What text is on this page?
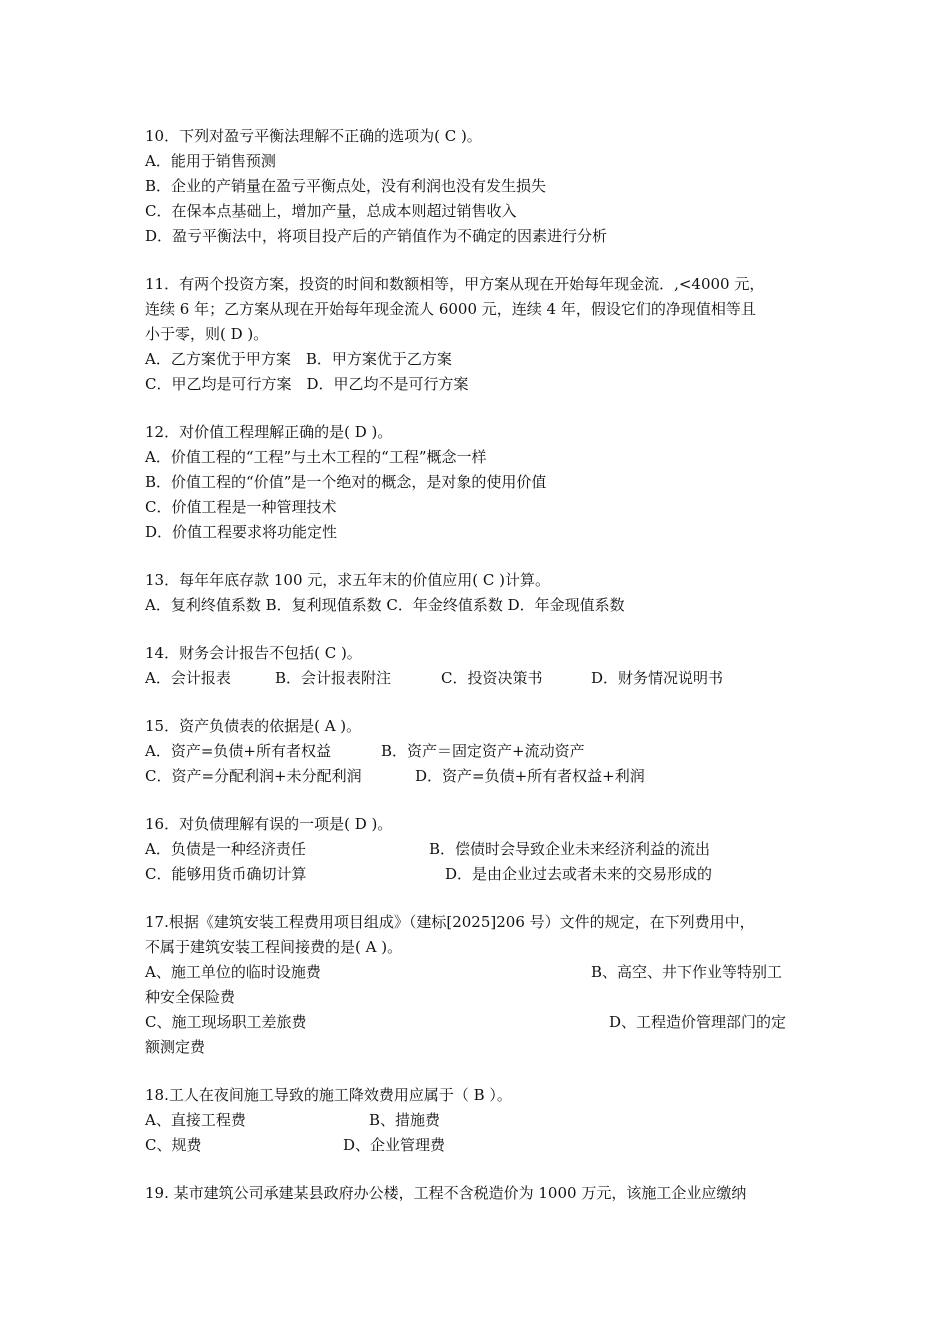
10．下列对盈亏平衡法理解不正确的选项为( C )。
A．能用于销售预测
B．企业的产销量在盈亏平衡点处，没有利润也没有发生损失
C．在保本点基础上，增加产量，总成本则超过销售收入
D．盈亏平衡法中，将项目投产后的产销值作为不确定的因素进行分析
11．有两个投资方案，投资的时间和数额相等，甲方案从现在开始每年现金流．,<4000 元，
连续 6 年；乙方案从现在开始每年现金流人 6000 元，连续 4 年，假设它们的净现值相等且
小于零，则( D )。
A．乙方案优于甲方案　B．甲方案优于乙方案
C．甲乙均是可行方案　D．甲乙均不是可行方案
12．对价值工程理解正确的是( D )。
A．价值工程的“工程”与土木工程的“工程”概念一样
B．价值工程的“价值”是一个绝对的概念，是对象的使用价值
C．价值工程是一种管理技术
D．价值工程要求将功能定性
13．每年年底存款 100 元，求五年末的价值应用( C )计算。
A．复利终值系数 B．复利现值系数 C．年金终值系数 D．年金现值系数
14．财务会计报告不包括( C )。
A．会计报表	B．会计报表附注	C．投资决策书	D．财务情况说明书
15．资产负债表的依据是( A )。
A．资产=负债+所有者权益	B．资产＝固定资产+流动资产
C．资产=分配利润+未分配利润	D．资产=负债+所有者权益+利润
16．对负债理解有误的一项是( D )。
A．负债是一种经济责任	B．偿债时会导致企业未来经济利益的流出
C．能够用货币确切计算	D．是由企业过去或者未来的交易形成的
17.根据《建筑安装工程费用项目组成》（建标[2025]206 号）文件的规定，在下列费用中，
不属于建筑安装工程间接费的是( A )。
A、施工单位的临时设施费	B、高空、井下作业等特别工
种安全保险费
C、施工现场职工差旅费	D、工程造价管理部门的定
额测定费
18.工人在夜间施工导致的施工降效费用应属于（ B ）。
A、直接工程费	B、措施费
C、规费	D、企业管理费
19. 某市建筑公司承建某县政府办公楼，工程不含税造价为 1000 万元，该施工企业应缴纳
